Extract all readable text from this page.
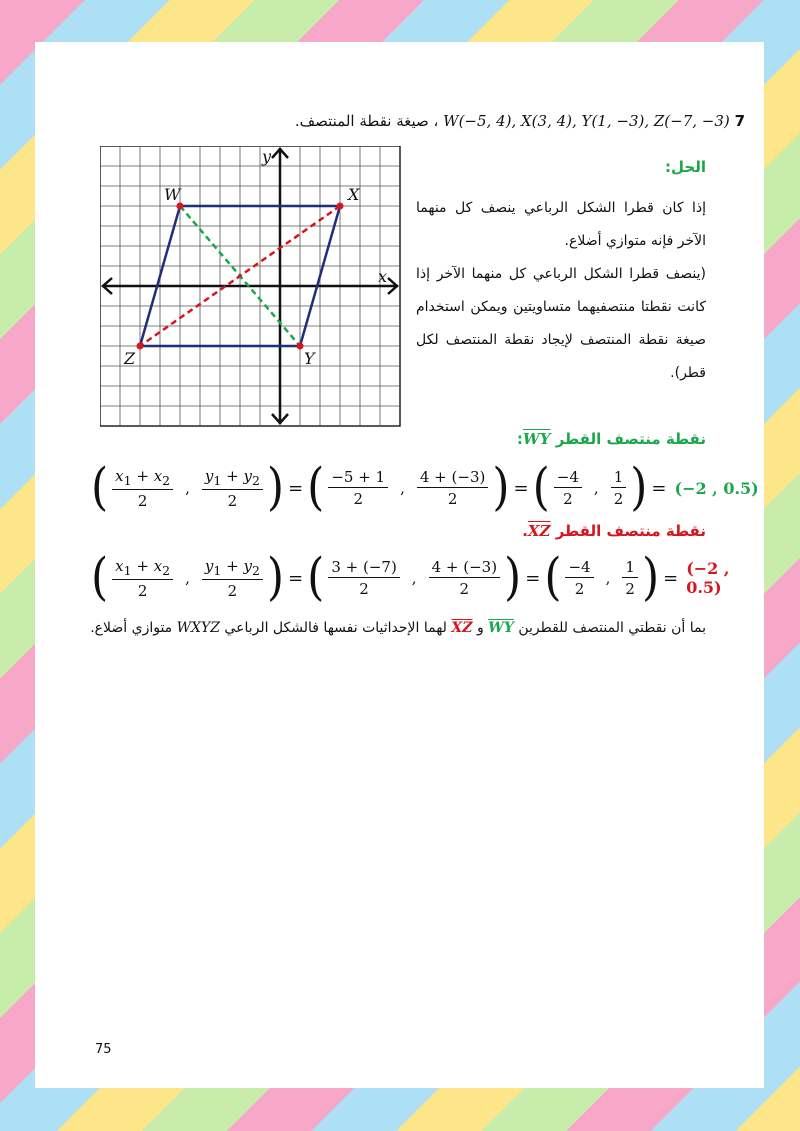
7 W(−5, 4), X(3, 4), Y(1, −3), Z(−7, −3) ، صيغة نقطة المنتصف.
y
x
W	X
Y
Z
الحل:
إذا كان قطرا الشكل الرباعي ينصف كل منهما الآخر فإنه متوازي أضلاع.
(ينصف قطرا الشكل الرباعي كل منهما الآخر إذا كانت نقطتا منتصفيهما متساويتين ويمكن استخدام صيغة نقطة المنتصف لإيجاد نقطة المنتصف لكل قطر).
نقطة منتصف القطر WY:
( $\frac{x_1 + x_2}{2}$ , $\frac{y_1 + y_2}{2}$ ) = ( $\frac{-5 + 1}{2}$ , $\frac{4 + (-3)}{2}$ ) = ( $\frac{-4}{2}$ , $\frac{1}{2}$ ) = (−2 , 0.5)
نقطة منتصف القطر XZ.
( $\frac{x_1 + x_2}{2}$ , $\frac{y_1 + y_2}{2}$ ) = ( $\frac{3 + (-7)}{2}$ , $\frac{4 + (-3)}{2}$ ) = ( $\frac{-4}{2}$ , $\frac{1}{2}$ ) = (−2 , 0.5)
بما أن نقطتي المنتصف للقطرين WY و XZ لهما الإحداثيات نفسها فالشكل الرباعي WXYZ متوازي أضلاع.
75
